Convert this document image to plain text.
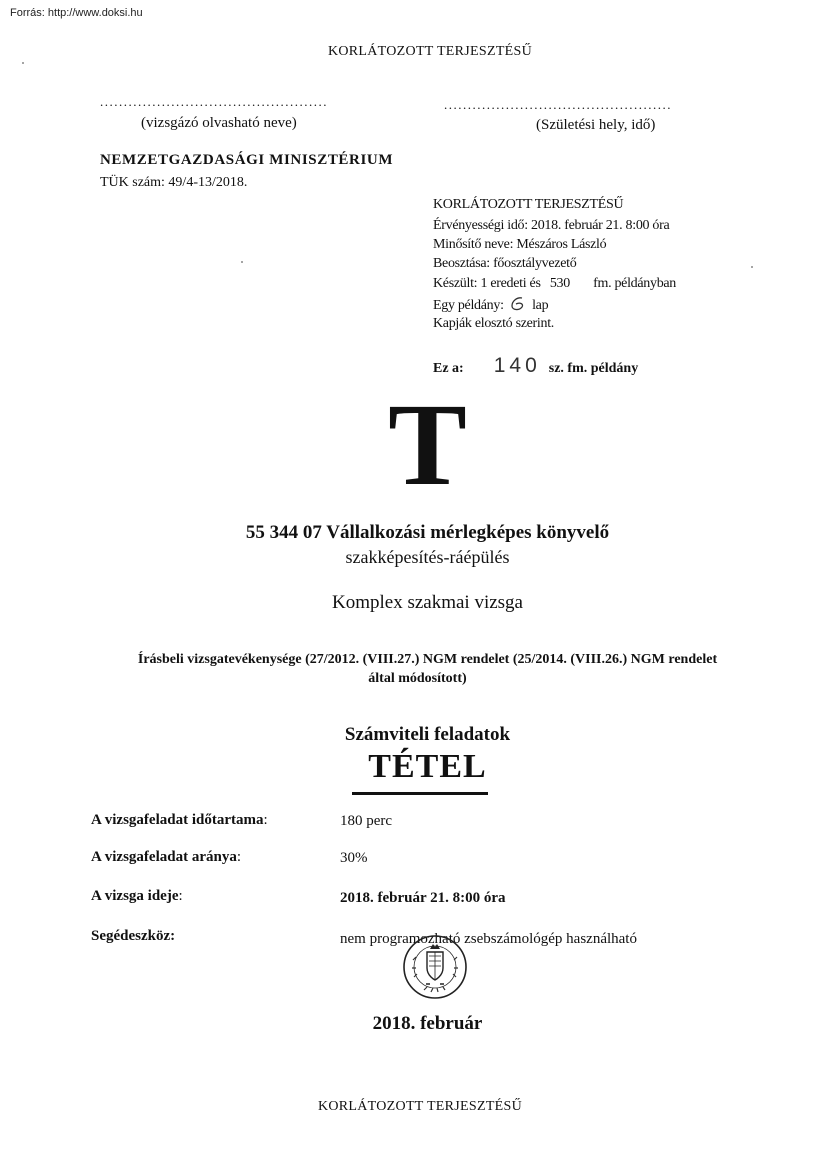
Forrás: http://www.doksi.hu
KORLÁTOZOTT TERJESZTÉSŰ
................................................
(vizsgázó olvasható neve)
................................................
(Születési hely, idő)
NEMZETGAZDASÁGI MINISZTÉRIUM
TÜK szám: 49/4-13/2018.
KORLÁTOZOTT TERJESZTÉSŰ
Érvényességi idő: 2018. február 21. 8:00 óra
Minősítő neve: Mészáros László
Beosztása: főosztályvezető
Készült: 1 eredeti és 530 fm. példányban
Egy példány:
6
lap
Kapják elosztó szerint.
Ez a: 140 sz. fm. példány
T
55 344 07 Vállalkozási mérlegképes könyvelő
szakképesítés-ráépülés
Komplex szakmai vizsga
Írásbeli vizsgatevékenysége (27/2012. (VIII.27.) NGM rendelet (25/2014. (VIII.26.) NGM rendelet
által módosított)
Számviteli feladatok
TÉTEL
A vizsgafeladat időtartama:	180 perc
A vizsgafeladat aránya:	30%
A vizsga ideje:	2018. február 21. 8:00 óra
Segédeszköz:	nem programozható zsebszámológép használható
2018. február
KORLÁTOZOTT TERJESZTÉSŰ
